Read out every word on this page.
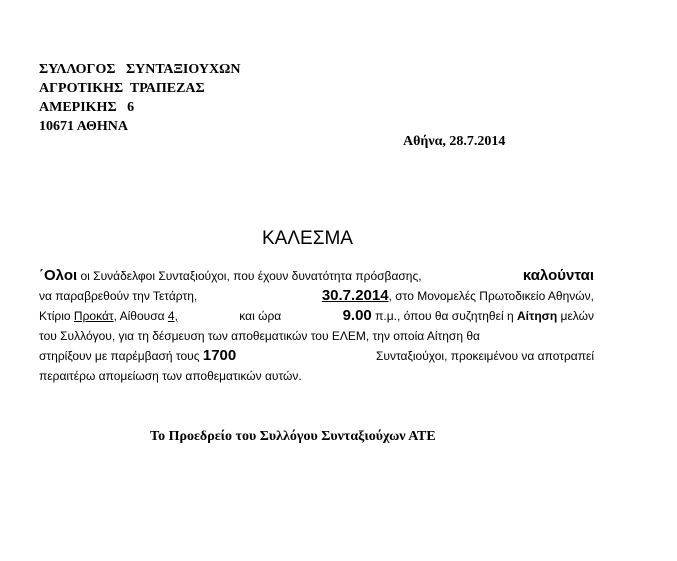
ΣΥΛΛΟΓΟΣ   ΣΥΝΤΑΞΙΟΥΧΩΝ
ΑΓΡΟΤΙΚΗΣ  ΤΡΑΠΕΖΑΣ
ΑΜΕΡΙΚΗΣ   6
10671 ΑΘΗΝΑ
Αθήνα, 28.7.2014
ΚΑΛΕΣΜΑ
΄Ολοι οι Συνάδελφοι Συνταξιούχοι, που έχουν δυνατότητα πρόσβασης,	καλούνται
να παραβρεθούν την Τετάρτη,	30.7.2014, στο Μονομελές Πρωτοδικείο Αθηνών,
Κτίριο Προκάτ, Αίθουσα 4,	και ώρα	9.00 π.μ., όπου θα συζητηθεί η Αίτηση μελών
του Συλλόγου, για τη δέσμευση των αποθεματικών του ΕΛΕΜ, την οποία Αίτηση θα
στηρίξουν με παρέμβασή τους 1700	Συνταξιούχοι, προκειμένου να αποτραπεί
περαιτέρω απομείωση των αποθεματικών αυτών.
Το Προεδρείο του Συλλόγου Συνταξιούχων ΑΤΕ
